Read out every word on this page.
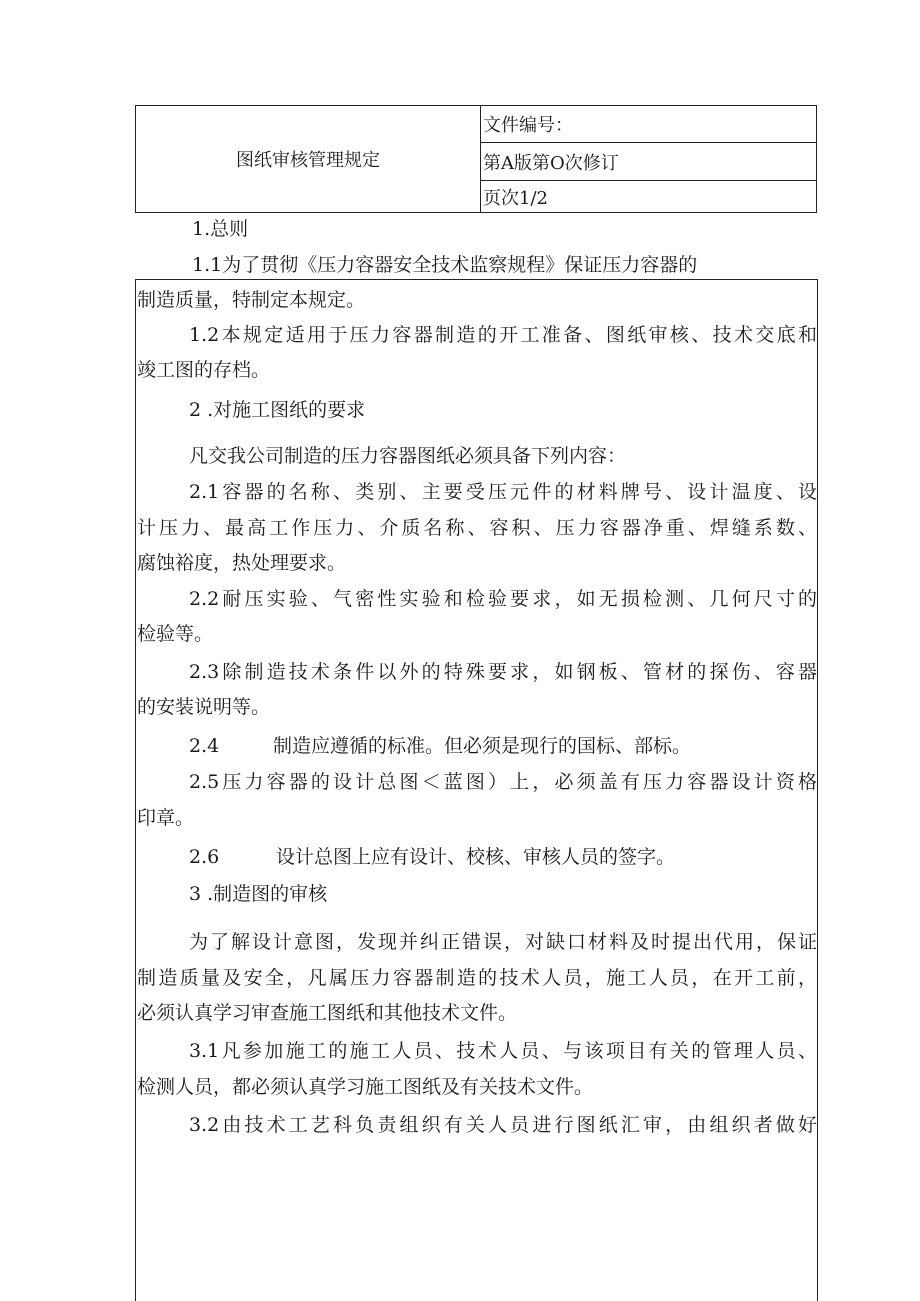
图纸审核管理规定
文件编号：
第A版第O次修订
页次1/2
1.总则
1.1为了贯彻《压力容器安全技术监察规程》保证压力容器的
制造质量，特制定本规定。
1.2本规定适用于压力容器制造的开工准备、图纸审核、技术交底和
竣工图的存档。
2 .对施工图纸的要求
凡交我公司制造的压力容器图纸必须具备下列内容：
2.1容器的名称、类别、主要受压元件的材料牌号、设计温度、设
计压力、最高工作压力、介质名称、容积、压力容器净重、焊缝系数、
腐蚀裕度，热处理要求。
2.2耐压实验、气密性实验和检验要求，如无损检测、几何尺寸的
检验等。
2.3除制造技术条件以外的特殊要求，如钢板、管材的探伤、容器
的安装说明等。
2.4	制造应遵循的标准。但必须是现行的国标、部标。
2.5压力容器的设计总图＜蓝图）上，必须盖有压力容器设计资格
印章。
2.6	设计总图上应有设计、校核、审核人员的签字。
3 .制造图的审核
为了解设计意图，发现并纠正错误，对缺口材料及时提出代用，保证
制造质量及安全，凡属压力容器制造的技术人员，施工人员，在开工前，
必须认真学习审查施工图纸和其他技术文件。
3.1凡参加施工的施工人员、技术人员、与该项目有关的管理人员、
检测人员，都必须认真学习施工图纸及有关技术文件。
3.2由技术工艺科负责组织有关人员进行图纸汇审，由组织者做好
